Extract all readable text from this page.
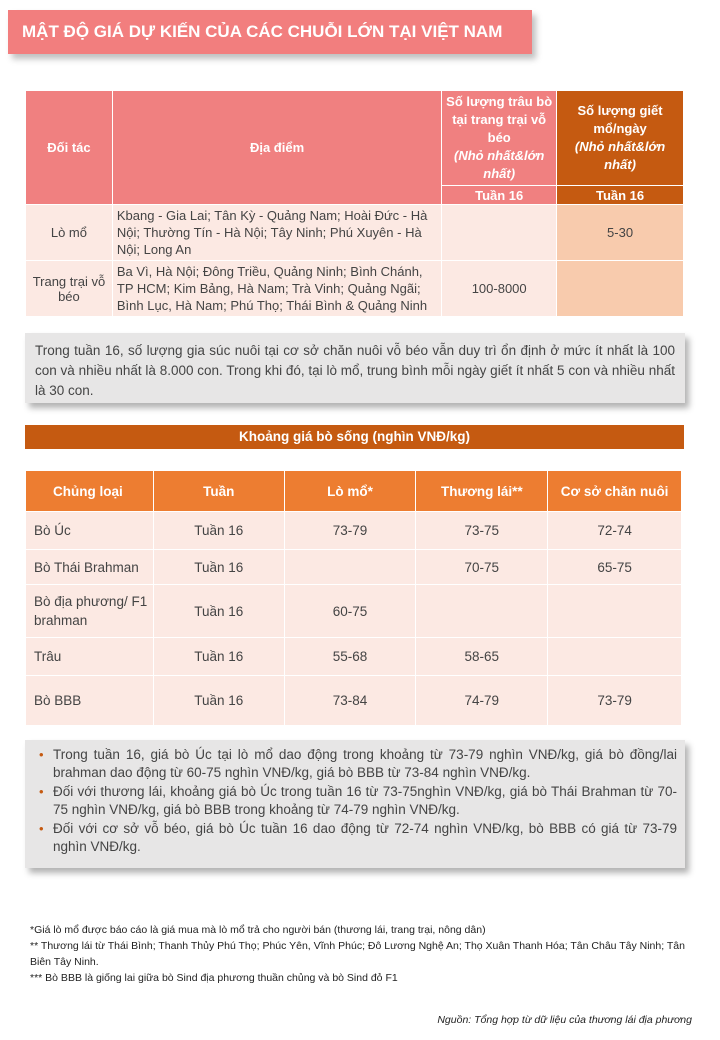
MẬT ĐỘ GIÁ DỰ KIẾN CỦA CÁC CHUỖI LỚN TẠI VIỆT NAM
Đối tác	Địa điểm	Số lượng trâu bò tại trang trại vỗ béo
(Nhỏ nhất&lớn nhất)	Số lượng giết mổ/ngày
(Nhỏ nhất&lớn nhất)
		Tuần 16	Tuần 16
Lò mổ	Kbang - Gia Lai; Tân Kỳ - Quảng Nam; Hoài Đức - Hà Nội; Thường Tín - Hà Nội; Tây Ninh; Phú Xuyên - Hà Nội; Long An		5-30
Trang trại vỗ béo	Ba Vì, Hà Nội; Đông Triều, Quảng Ninh; Bình Chánh, TP HCM; Kim Bảng, Hà Nam; Trà Vinh; Quảng Ngãi; Bình Lục, Hà Nam; Phú Thọ; Thái Bình & Quảng Ninh	100-8000	
Trong tuần 16, số lượng gia súc nuôi tại cơ sở chăn nuôi vỗ béo vẫn duy trì ổn định ở mức ít nhất là 100 con và nhiều nhất là 8.000 con. Trong khi đó, tại lò mổ, trung bình mỗi ngày giết ít nhất 5 con và nhiều nhất là 30 con.
Khoảng giá bò sống (nghìn VNĐ/kg)
Chủng loại	Tuần	Lò mổ*	Thương lái**	Cơ sở chăn nuôi
Bò Úc	Tuần 16	73-79	73-75	72-74
Bò Thái Brahman	Tuần 16		70-75	65-75
Bò địa phương/ F1 brahman	Tuần 16	60-75		
Trâu	Tuần 16	55-68	58-65	
Bò BBB	Tuần 16	73-84	74-79	73-79
• Trong tuần 16, giá bò Úc tại lò mổ dao động trong khoảng từ 73-79 nghìn VNĐ/kg, giá bò đồng/lai brahman dao động từ 60-75 nghìn VNĐ/kg, giá bò BBB từ 73-84 nghìn VNĐ/kg.
• Đối với thương lái, khoảng giá bò Úc trong tuần 16 từ 73-75nghìn VNĐ/kg, giá bò Thái Brahman từ 70-75 nghìn VNĐ/kg, giá bò BBB trong khoảng từ 74-79 nghìn VNĐ/kg.
• Đối với cơ sở vỗ béo, giá bò Úc tuần 16 dao động từ 72-74 nghìn VNĐ/kg, bò BBB có giá từ 73-79 nghìn VNĐ/kg.
*Giá lò mổ được báo cáo là giá mua mà lò mổ trả cho người bán (thương lái, trang trại, nông dân)
** Thương lái từ Thái Bình; Thanh Thủy Phú Thọ; Phúc Yên, Vĩnh Phúc; Đô Lương Nghệ An; Thọ Xuân Thanh Hóa; Tân Châu Tây Ninh; Tân Biên Tây Ninh.
*** Bò BBB là giống lai giữa bò Sind địa phương thuần chủng và bò Sind đỏ F1
Nguồn: Tổng hợp từ dữ liệu của thương lái địa phương
